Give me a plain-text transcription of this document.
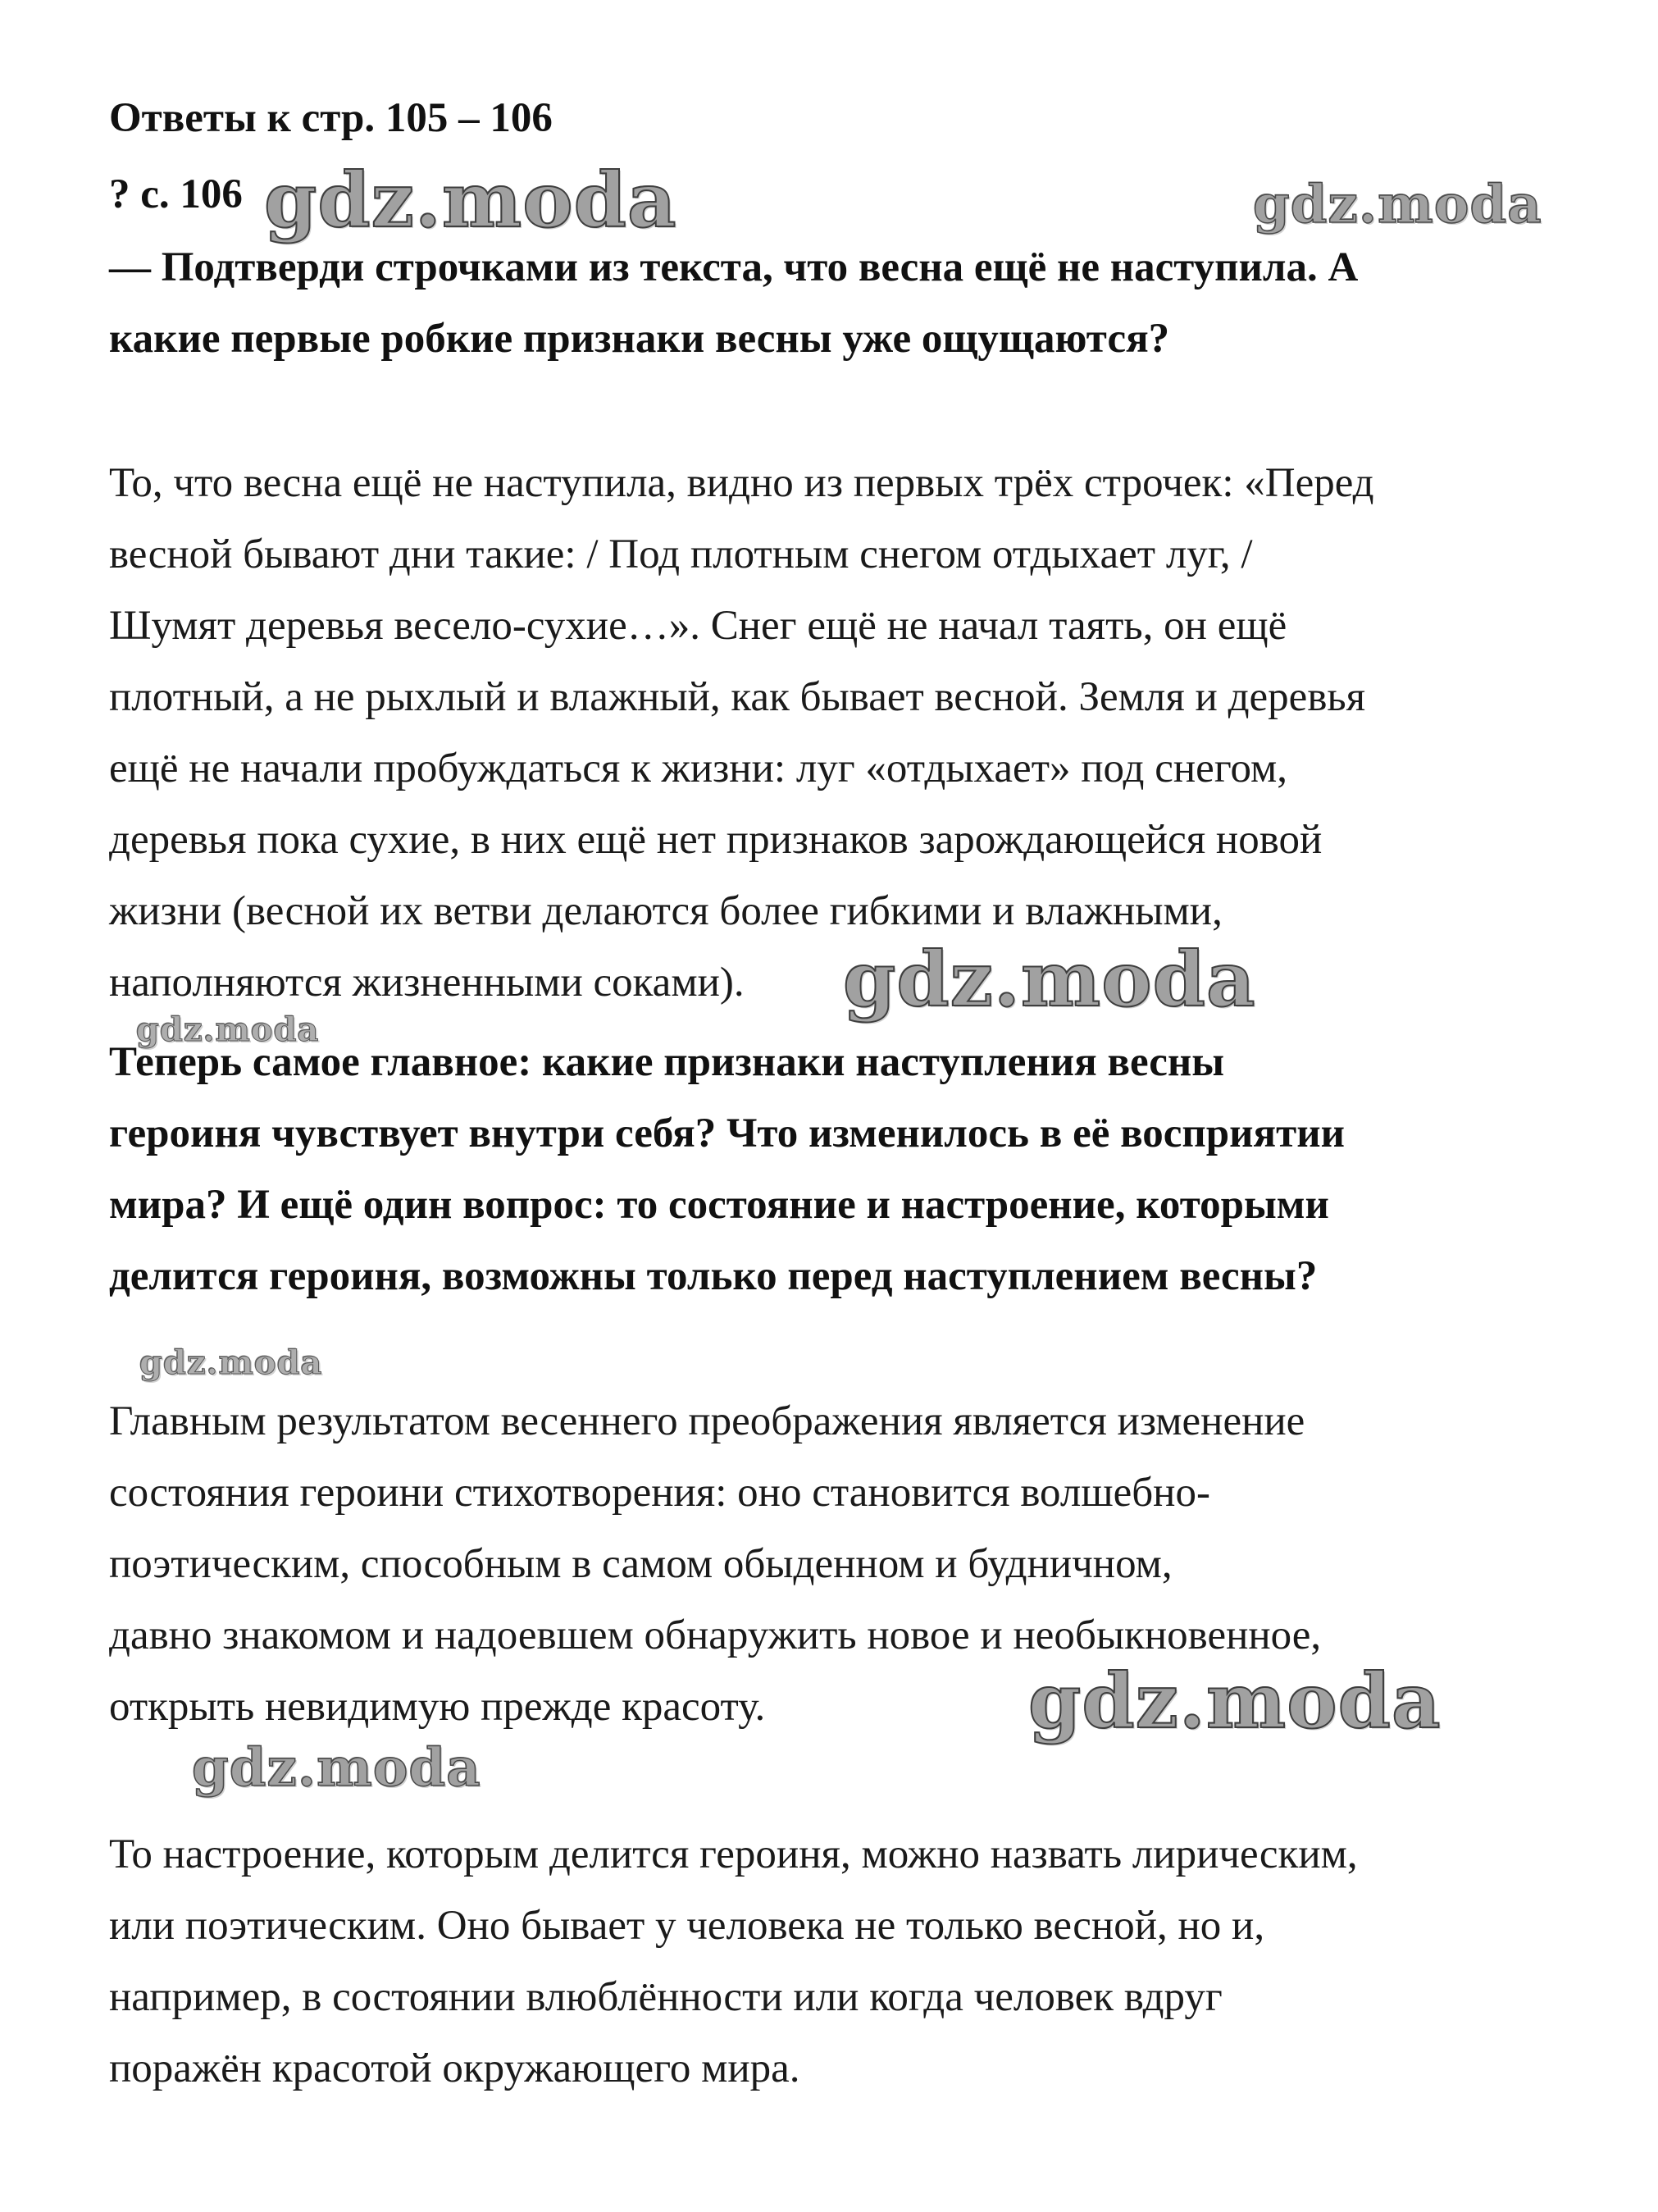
Ответы к стр. 105 – 106
? с. 106
— Подтверди строчками из текста, что весна ещё не наступила. А
какие первые робкие признаки весны уже ощущаются?
То, что весна ещё не наступила, видно из первых трёх строчек: «Перед
весной бывают дни такие: / Под плотным снегом отдыхает луг, /
Шумят деревья весело-сухие…». Снег ещё не начал таять, он ещё
плотный, а не рыхлый и влажный, как бывает весной. Земля и деревья
ещё не начали пробуждаться к жизни: луг «отдыхает» под снегом,
деревья пока сухие, в них ещё нет признаков зарождающейся новой
жизни (весной их ветви делаются более гибкими и влажными,
наполняются жизненными соками).
Теперь самое главное: какие признаки наступления весны
героиня чувствует внутри себя? Что изменилось в её восприятии
мира? И ещё один вопрос: то состояние и настроение, которыми
делится героиня, возможны только перед наступлением весны?
Главным результатом весеннего преображения является изменение
состояния героини стихотворения: оно становится волшебно-
поэтическим, способным в самом обыденном и будничном,
давно знакомом и надоевшем обнаружить новое и необыкновенное,
открыть невидимую прежде красоту.
То настроение, которым делится героиня, можно назвать лирическим,
или поэтическим. Оно бывает у человека не только весной, но и,
например, в состоянии влюблённости или когда человек вдруг
поражён красотой окружающего мира.
gdz.moda	gdz.moda
gdz.moda
gdz.moda
gdz.moda
gdz.moda
gdz.moda
